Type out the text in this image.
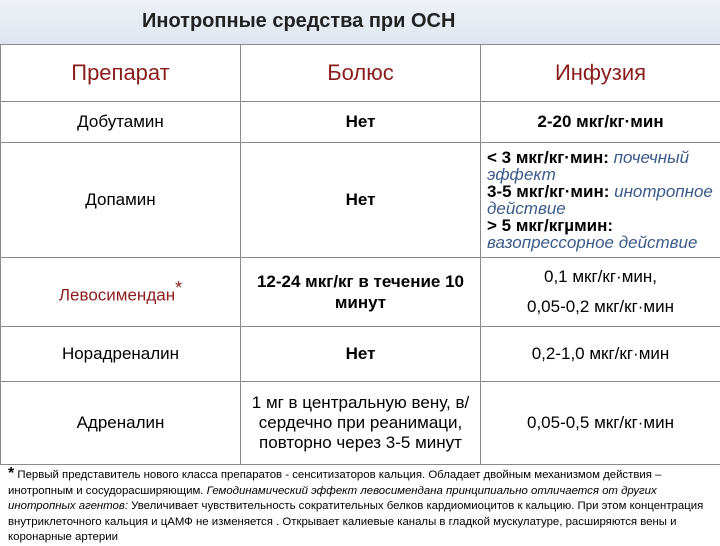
Инотропные средства при ОСН
Препарат	Болюс	Инфузия
Добутамин	Нет	2-20 мкг/кг·мин
Допамин	Нет	< 3 мкг/кг·мин: почечный эффект
3-5 мкг/кг·мин: инотропное действие
> 5 мкг/кгµмин: вазопрессорное действие

Левосимендан*	12-24 мкг/кг в течение 10 минут	0,1 мкг/кг·мин,
0,05-0,2 мкг/кг·мин

Норадреналин	Нет	0,2-1,0 мкг/кг·мин
Адреналин	1 мг в центральную вену, в/сердечно при реанимаци, повторно через 3-5 минут	0,05-0,5 мкг/кг·мин
* Первый представитель нового класса препаратов - сенситизаторов кальция. Обладает двойным механизмом действия – инотропным и сосудорасширяющим. Гемодинамический эффект левосимендана принципиально отличается от других инотропных агентов: Увеличивает чувствительность сократительных белков кардиомиоцитов к кальцию. При этом концентрация внутриклеточного кальция и цАМФ не изменяется . Открывает калиевые каналы в гладкой мускулатуре, расширяются вены и коронарные артерии
